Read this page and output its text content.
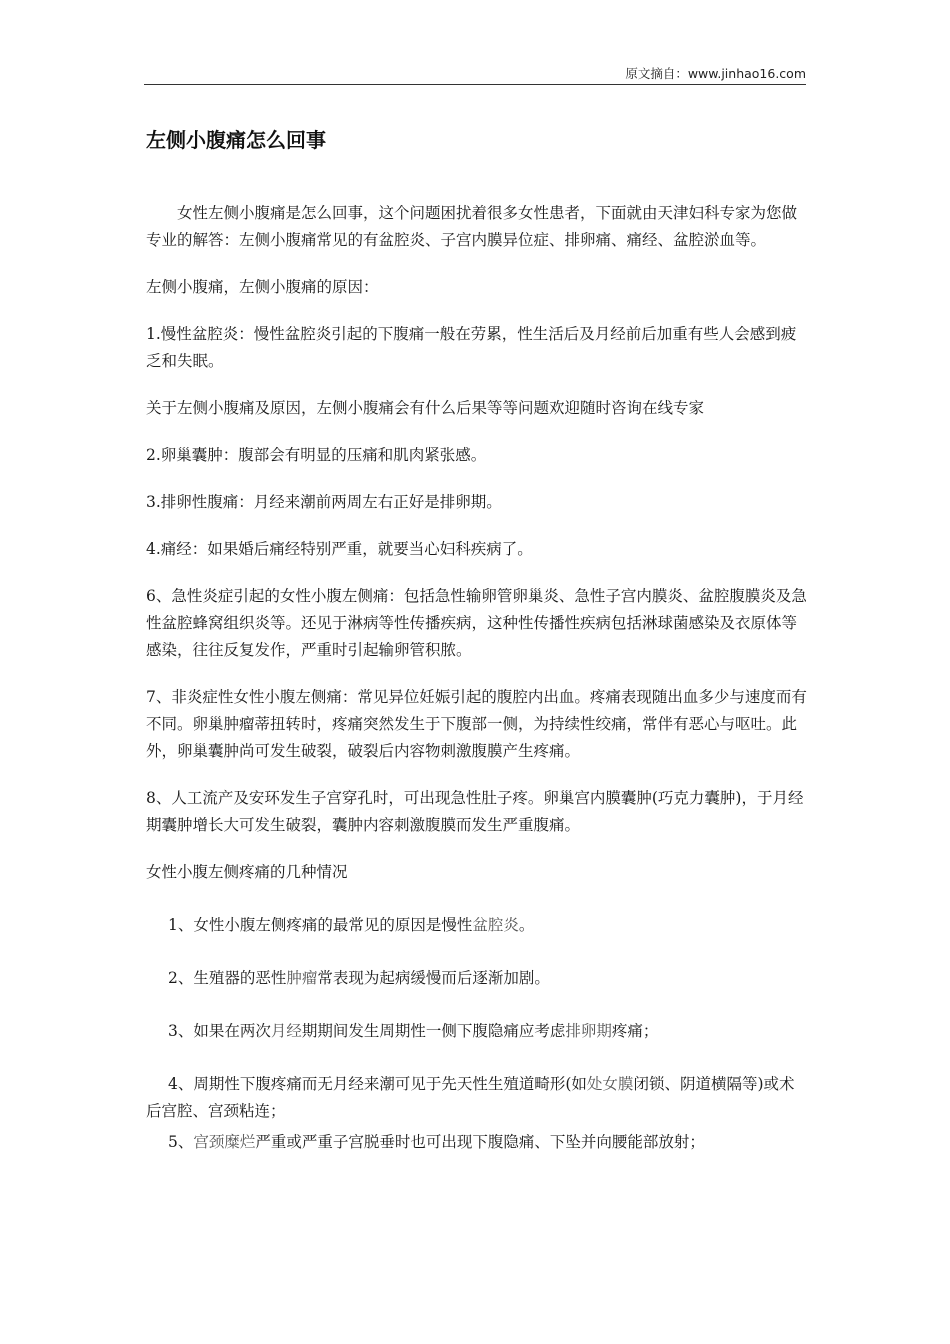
原文摘自：www.jinhao16.com
左侧小腹痛怎么回事

女性左侧小腹痛是怎么回事，这个问题困扰着很多女性患者，下面就由天津妇科专家为您做专业的解答：左侧小腹痛常见的有盆腔炎、子宫内膜异位症、排卵痛、痛经、盆腔淤血等。

左侧小腹痛，左侧小腹痛的原因：

1.慢性盆腔炎：慢性盆腔炎引起的下腹痛一般在劳累，性生活后及月经前后加重有些人会感到疲乏和失眠。

关于左侧小腹痛及原因，左侧小腹痛会有什么后果等等问题欢迎随时咨询在线专家

2.卵巢囊肿：腹部会有明显的压痛和肌肉紧张感。

3.排卵性腹痛：月经来潮前两周左右正好是排卵期。

4.痛经：如果婚后痛经特别严重，就要当心妇科疾病了。

6、急性炎症引起的女性小腹左侧痛：包括急性输卵管卵巢炎、急性子宫内膜炎、盆腔腹膜炎及急性盆腔蜂窝组织炎等。还见于淋病等性传播疾病，这种性传播性疾病包括淋球菌感染及衣原体等感染，往往反复发作，严重时引起输卵管积脓。

7、非炎症性女性小腹左侧痛：常见异位妊娠引起的腹腔内出血。疼痛表现随出血多少与速度而有不同。卵巢肿瘤蒂扭转时，疼痛突然发生于下腹部一侧，为持续性绞痛，常伴有恶心与呕吐。此外，卵巢囊肿尚可发生破裂，破裂后内容物刺激腹膜产生疼痛。

8、人工流产及安环发生子宫穿孔时，可出现急性肚子疼。卵巢宫内膜囊肿(巧克力囊肿)，于月经期囊肿增长大可发生破裂，囊肿内容刺激腹膜而发生严重腹痛。

女性小腹左侧疼痛的几种情况

1、女性小腹左侧疼痛的最常见的原因是慢性盆腔炎。

2、生殖器的恶性肿瘤常表现为起病缓慢而后逐渐加剧。

3、如果在两次月经期期间发生周期性一侧下腹隐痛应考虑排卵期疼痛；

4、周期性下腹疼痛而无月经来潮可见于先天性生殖道畸形(如处女膜闭锁、阴道横隔等)或术后宫腔、宫颈粘连；

5、宫颈糜烂严重或严重子宫脱垂时也可出现下腹隐痛、下坠并向腰能部放射；
